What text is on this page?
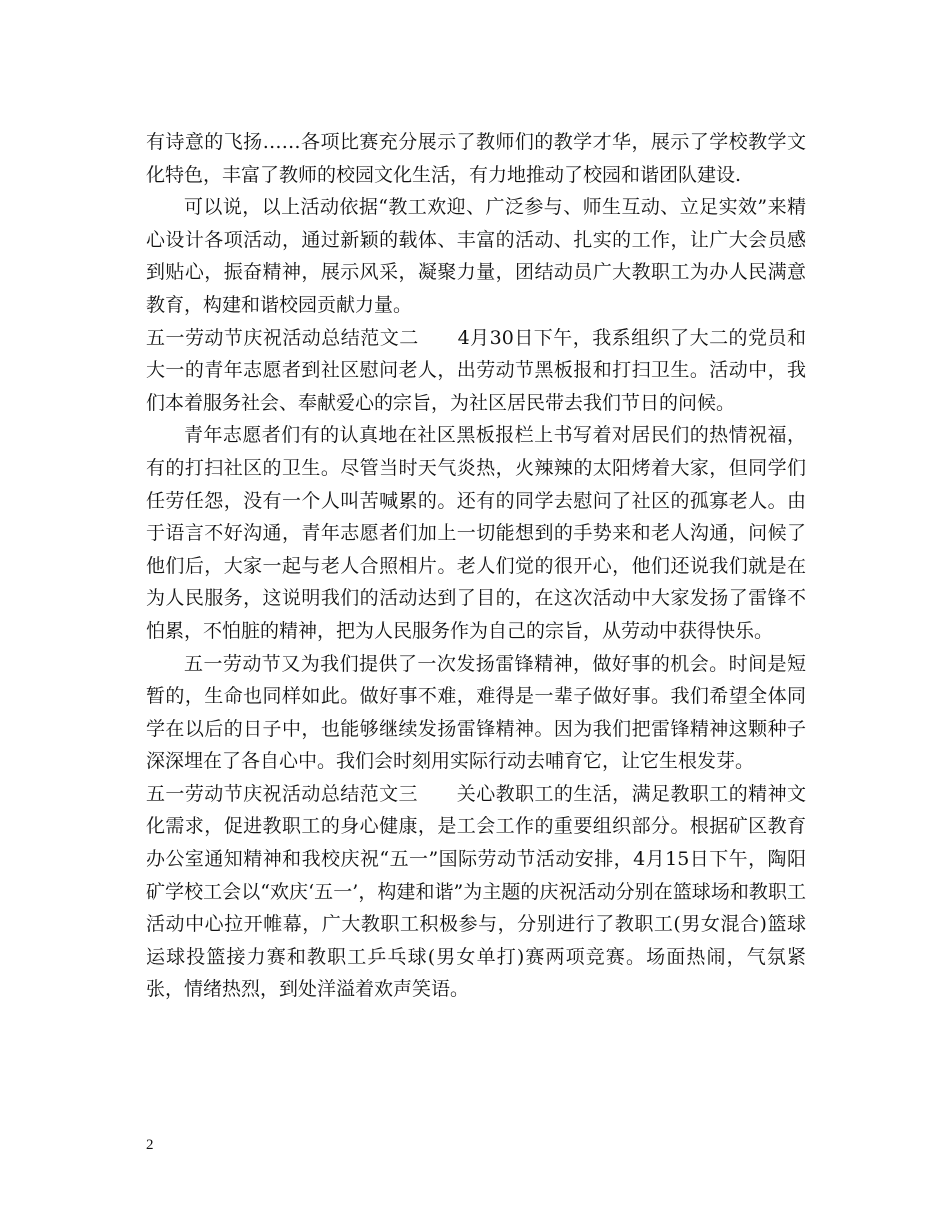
有诗意的飞扬……各项比赛充分展示了教师们的教学才华，展示了学校教学文化特色，丰富了教师的校园文化生活，有力地推动了校园和谐团队建设.

可以说，以上活动依据“教工欢迎、广泛参与、师生互动、立足实效”来精心设计各项活动，通过新颖的载体、丰富的活动、扎实的工作，让广大会员感到贴心，振奋精神，展示风采，凝聚力量，团结动员广大教职工为办人民满意教育，构建和谐校园贡献力量。

五一劳动节庆祝活动总结范文二　　4月30日下午，我系组织了大二的党员和大一的青年志愿者到社区慰问老人，出劳动节黑板报和打扫卫生。活动中，我们本着服务社会、奉献爱心的宗旨，为社区居民带去我们节日的问候。

青年志愿者们有的认真地在社区黑板报栏上书写着对居民们的热情祝福，有的打扫社区的卫生。尽管当时天气炎热，火辣辣的太阳烤着大家，但同学们任劳任怨，没有一个人叫苦喊累的。还有的同学去慰问了社区的孤寡老人。由于语言不好沟通，青年志愿者们加上一切能想到的手势来和老人沟通，问候了他们后，大家一起与老人合照相片。老人们觉的很开心，他们还说我们就是在为人民服务，这说明我们的活动达到了目的，在这次活动中大家发扬了雷锋不怕累，不怕脏的精神，把为人民服务作为自己的宗旨，从劳动中获得快乐。

五一劳动节又为我们提供了一次发扬雷锋精神，做好事的机会。时间是短暂的，生命也同样如此。做好事不难，难得是一辈子做好事。我们希望全体同学在以后的日子中，也能够继续发扬雷锋精神。因为我们把雷锋精神这颗种子深深埋在了各自心中。我们会时刻用实际行动去哺育它，让它生根发芽。

五一劳动节庆祝活动总结范文三　　关心教职工的生活，满足教职工的精神文化需求，促进教职工的身心健康，是工会工作的重要组织部分。根据矿区教育办公室通知精神和我校庆祝“五一”国际劳动节活动安排，4月15日下午，陶阳矿学校工会以“欢庆‘五一’，构建和谐”为主题的庆祝活动分别在篮球场和教职工活动中心拉开帷幕，广大教职工积极参与，分别进行了教职工(男女混合)篮球运球投篮接力赛和教职工乒乓球(男女单打)赛两项竞赛。场面热闹，气氛紧张，情绪热烈，到处洋溢着欢声笑语。

2
